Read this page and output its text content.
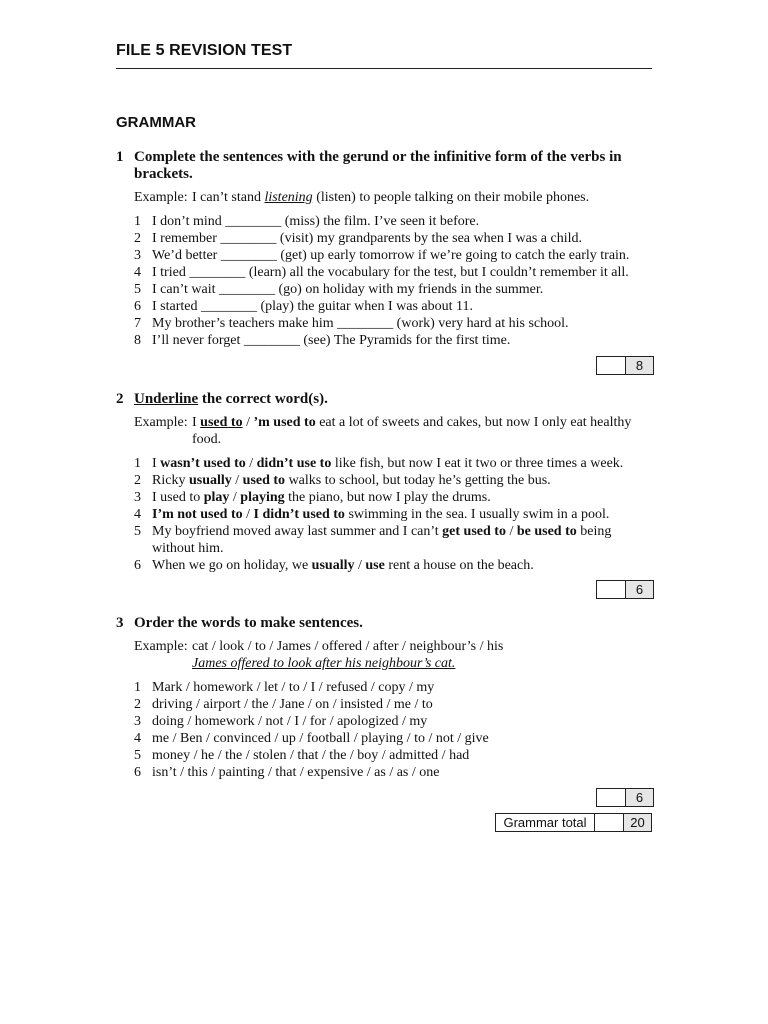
FILE 5 REVISION TEST
GRAMMAR
1 Complete the sentences with the gerund or the infinitive form of the verbs in brackets.
Example: I can’t stand listening (listen) to people talking on their mobile phones.
1 I don’t mind ________ (miss) the film. I’ve seen it before.
2 I remember ________ (visit) my grandparents by the sea when I was a child.
3 We’d better ________ (get) up early tomorrow if we’re going to catch the early train.
4 I tried ________ (learn) all the vocabulary for the test, but I couldn’t remember it all.
5 I can’t wait ________ (go) on holiday with my friends in the summer.
6 I started ________ (play) the guitar when I was about 11.
7 My brother’s teachers make him ________ (work) very hard at his school.
8 I’ll never forget ________ (see) The Pyramids for the first time.
8
2 Underline the correct word(s).
Example: I used to / ’m used to eat a lot of sweets and cakes, but now I only eat healthy food.
1 I wasn’t used to / didn’t use to like fish, but now I eat it two or three times a week.
2 Ricky usually / used to walks to school, but today he’s getting the bus.
3 I used to play / playing the piano, but now I play the drums.
4 I’m not used to / I didn’t used to swimming in the sea. I usually swim in a pool.
5 My boyfriend moved away last summer and I can’t get used to / be used to being without him.
6 When we go on holiday, we usually / use rent a house on the beach.
6
3 Order the words to make sentences.
Example: cat / look / to / James / offered / after / neighbour’s / his
James offered to look after his neighbour’s cat.
1 Mark / homework / let / to / I / refused / copy / my
2 driving / airport / the / Jane / on / insisted / me / to
3 doing / homework / not / I / for / apologized / my
4 me / Ben / convinced / up / football / playing / to / not / give
5 money / he / the / stolen / that / the / boy / admitted / had
6 isn’t / this / painting / that / expensive / as / as / one
6
Grammar total	20
